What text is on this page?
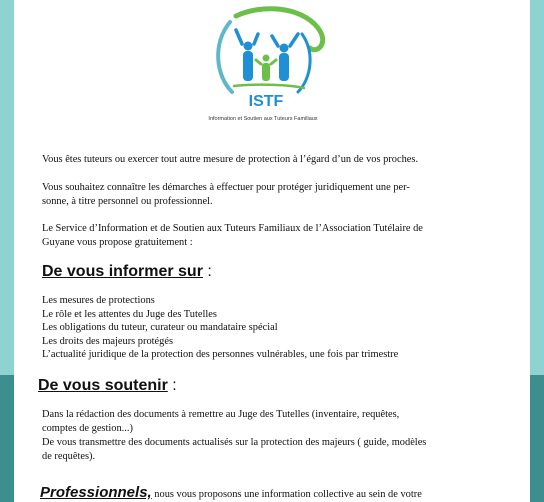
ISTF
Information et Soutien aux Tuteurs Familiaux

Vous êtes tuteurs ou exercer tout autre mesure de protection à l’égard d’un de vos proches.

Vous souhaitez connaître les démarches à effectuer pour protéger juridiquement une per-

sonne, à titre personnel ou professionnel.

Le Service d’Information et de Soutien aux Tuteurs Familiaux de l’Association Tutélaire de

Guyane vous propose gratuitement :

De vous informer sur :
Les mesures de protections
Le rôle et les attentes du Juge des Tutelles
Les obligations du tuteur, curateur ou mandataire spécial
Les droits des majeurs protégés
L’actualité juridique de la protection des personnes vulnérables, une fois par trimestre
De vous soutenir :

Dans la rédaction des documents à remettre au Juge des Tutelles (inventaire, requêtes,

comptes de gestion...)

De vous transmettre des documents actualisés sur la protection des majeurs ( guide, modèles

de requêtes).

Professionnels, nous vous proposons une information collective au sein de votre
